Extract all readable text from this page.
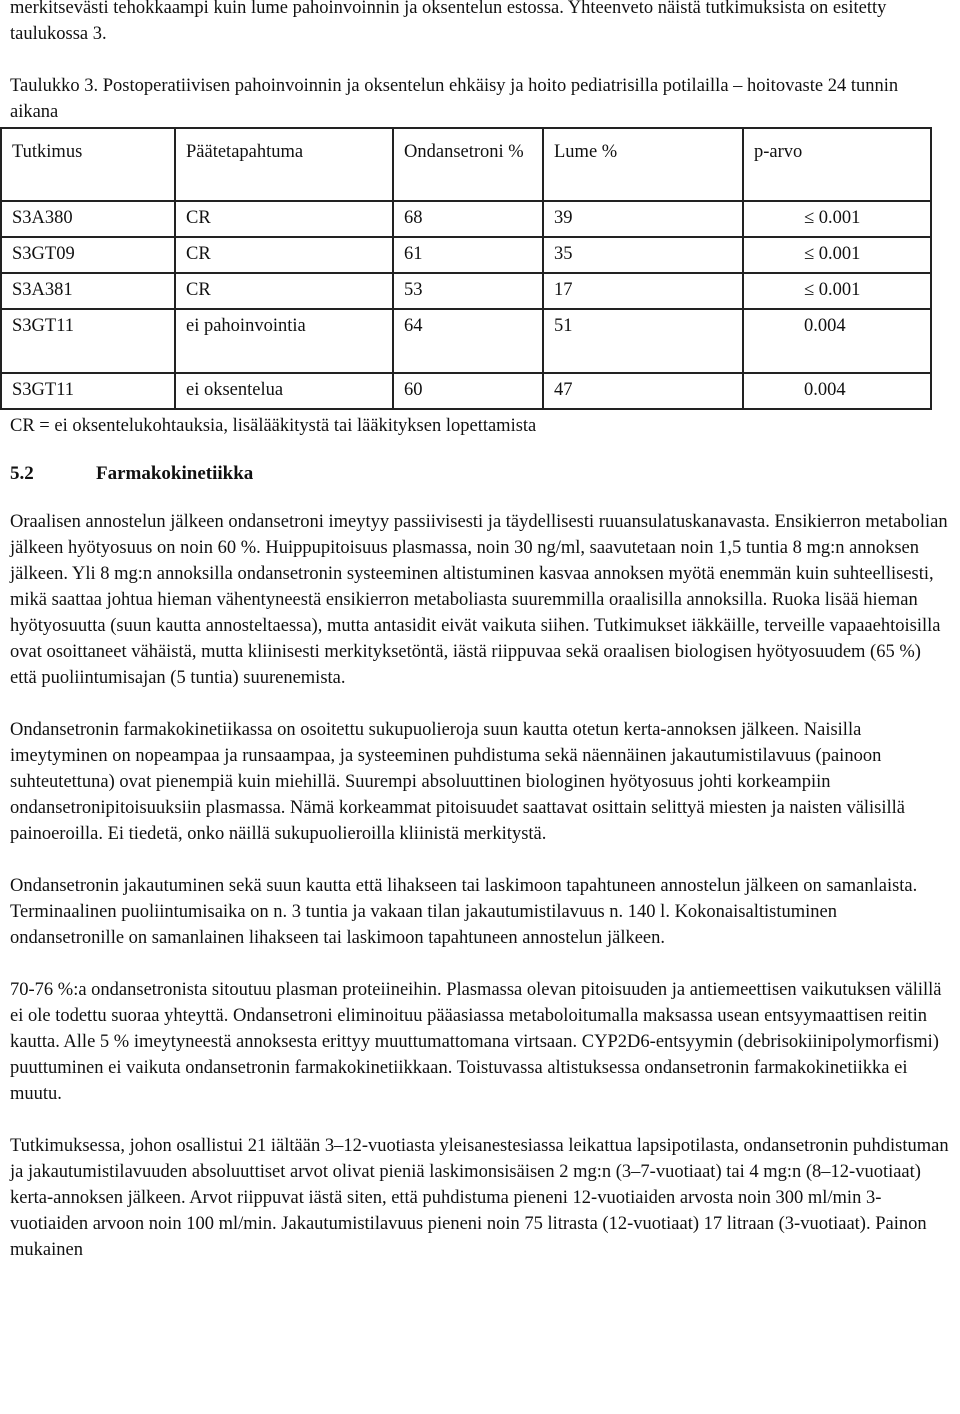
merkitsevästi tehokkaampi kuin lume pahoinvoinnin ja oksentelun estossa. Yhteenveto näistä tutkimuksista on esitetty taulukossa 3.

Taulukko 3. Postoperatiivisen pahoinvoinnin ja oksentelun ehkäisy ja hoito pediatrisilla potilailla – hoitovaste 24 tunnin aikana

Tutkimus	Päätetapahtuma	Ondansetroni %	Lume %	p-arvo
S3A380	CR	68	39	≤ 0.001
S3GT09	CR	61	35	≤ 0.001
S3A381	CR	53	17	≤ 0.001
S3GT11	ei pahoinvointia	64	51	0.004
S3GT11	ei oksentelua	60	47	0.004

CR = ei oksentelukohtauksia, lisälääkitystä tai lääkityksen lopettamista

5.2	Farmakokinetiikka

Oraalisen annostelun jälkeen ondansetroni imeytyy passiivisesti ja täydellisesti ruuansulatuskanavasta. Ensikierron metabolian jälkeen hyötyosuus on noin 60 %. Huippupitoisuus plasmassa, noin 30 ng/ml, saavutetaan noin 1,5 tuntia 8 mg:n annoksen jälkeen. Yli 8 mg:n annoksilla ondansetronin systeeminen altistuminen kasvaa annoksen myötä enemmän kuin suhteellisesti, mikä saattaa johtua hieman vähentyneestä ensikierron metaboliasta suuremmilla oraalisilla annoksilla. Ruoka lisää hieman hyötyosuutta (suun kautta annosteltaessa), mutta antasidit eivät vaikuta siihen. Tutkimukset iäkkäille, terveille vapaaehtoisilla ovat osoittaneet vähäistä, mutta kliinisesti merkityksetöntä, iästä riippuvaa sekä oraalisen biologisen hyötyosuudem (65 %) että puoliintumisajan (5 tuntia) suurenemista.

Ondansetronin farmakokinetiikassa on osoitettu sukupuolieroja suun kautta otetun kerta-annoksen jälkeen. Naisilla imeytyminen on nopeampaa ja runsaampaa, ja systeeminen puhdistuma sekä näennäinen jakautumistilavuus (painoon suhteutettuna) ovat pienempiä kuin miehillä. Suurempi absoluuttinen biologinen hyötyosuus johti korkeampiin ondansetronipitoisuuksiin plasmassa. Nämä korkeammat pitoisuudet saattavat osittain selittyä miesten ja naisten välisillä painoeroilla. Ei tiedetä, onko näillä sukupuolieroilla kliinistä merkitystä.

Ondansetronin jakautuminen sekä suun kautta että lihakseen tai laskimoon tapahtuneen annostelun jälkeen on samanlaista. Terminaalinen puoliintumisaika on n. 3 tuntia ja vakaan tilan jakautumistilavuus n. 140 l. Kokonaisaltistuminen ondansetronille on samanlainen lihakseen tai laskimoon tapahtuneen annostelun jälkeen.

70-76 %:a ondansetronista sitoutuu plasman proteiineihin. Plasmassa olevan pitoisuuden ja antiemeettisen vaikutuksen välillä ei ole todettu suoraa yhteyttä. Ondansetroni eliminoituu pääasiassa metaboloitumalla maksassa usean entsyymaattisen reitin kautta. Alle 5 % imeytyneestä annoksesta erittyy muuttumattomana virtsaan. CYP2D6-entsyymin (debrisokiinipolymorfismi) puuttuminen ei vaikuta ondansetronin farmakokinetiikkaan. Toistuvassa altistuksessa ondansetronin farmakokinetiikka ei muutu.

Tutkimuksessa, johon osallistui 21 iältään 3–12-vuotiasta yleisanestesiassa leikattua lapsipotilasta, ondansetronin puhdistuman ja jakautumistilavuuden absoluuttiset arvot olivat pieniä laskimonsisäisen 2 mg:n (3–7-vuotiaat) tai 4 mg:n (8–12-vuotiaat) kerta-annoksen jälkeen. Arvot riippuvat iästä siten, että puhdistuma pieneni 12-vuotiaiden arvosta noin 300 ml/min 3-vuotiaiden arvoon noin 100 ml/min. Jakautumistilavuus pieneni noin 75 litrasta (12-vuotiaat) 17 litraan (3-vuotiaat). Painon mukainen
